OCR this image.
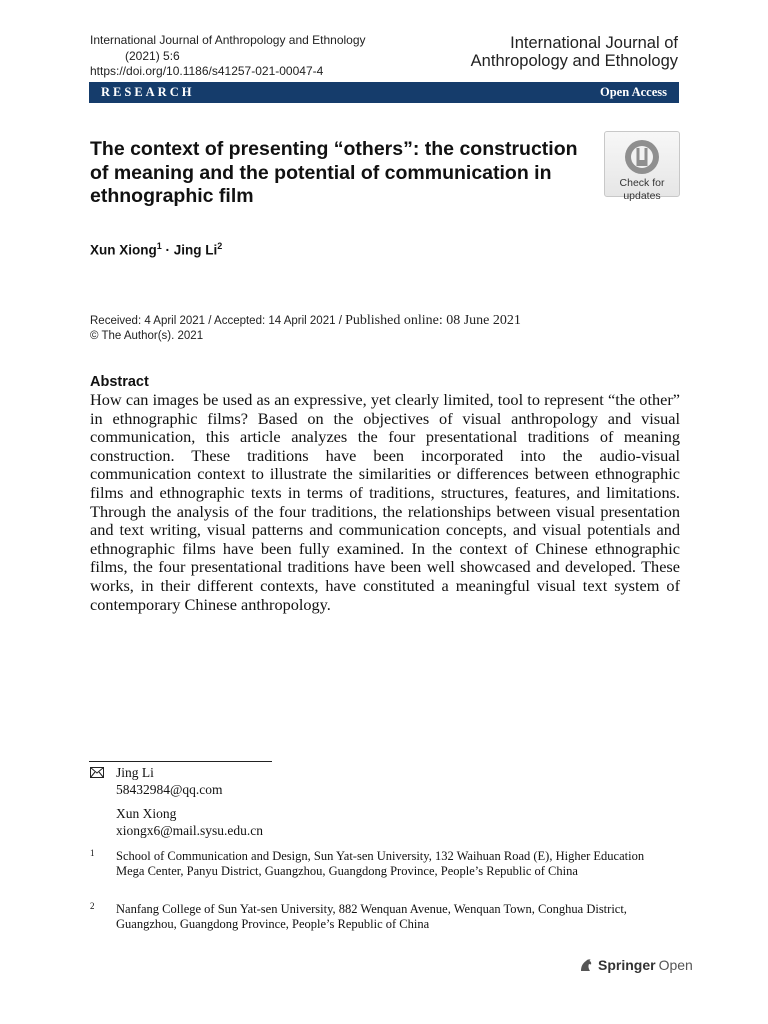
International Journal of Anthropology and Ethnology
(2021) 5:6
https://doi.org/10.1186/s41257-021-00047-4
International Journal of
Anthropology and Ethnology
RESEARCH	Open Access
The context of presenting “others”: the construction of meaning and the potential of communication in ethnographic film
Check for
updates
Xun Xiong$^1$ · Jing Li$^2$
Received: 4 April 2021 / Accepted: 14 April 2021 / Published online: 08 June 2021
© The Author(s). 2021
Abstract
How can images be used as an expressive, yet clearly limited, tool to represent “the other” in ethnographic films? Based on the objectives of visual anthropology and visual communication, this article analyzes the four presentational traditions of meaning construction. These traditions have been incorporated into the audio-visual communication context to illustrate the similarities or differences between ethnographic films and ethnographic texts in terms of traditions, structures, features, and limitations. Through the analysis of the four traditions, the relationships between visual presentation and text writing, visual patterns and communication concepts, and visual potentials and ethnographic films have been fully examined. In the context of Chinese ethnographic films, the four presentational traditions have been well showcased and developed. These works, in their different contexts, have constituted a meaningful visual text system of contemporary Chinese anthropology.
Jing Li
58432984@qq.com
Xun Xiong
xiongx6@mail.sysu.edu.cn
1 School of Communication and Design, Sun Yat-sen University, 132 Waihuan Road (E), Higher Education Mega Center, Panyu District, Guangzhou, Guangdong Province, People’s Republic of China
2 Nanfang College of Sun Yat-sen University, 882 Wenquan Avenue, Wenquan Town, Conghua District, Guangzhou, Guangdong Province, People’s Republic of China
Springer Open
